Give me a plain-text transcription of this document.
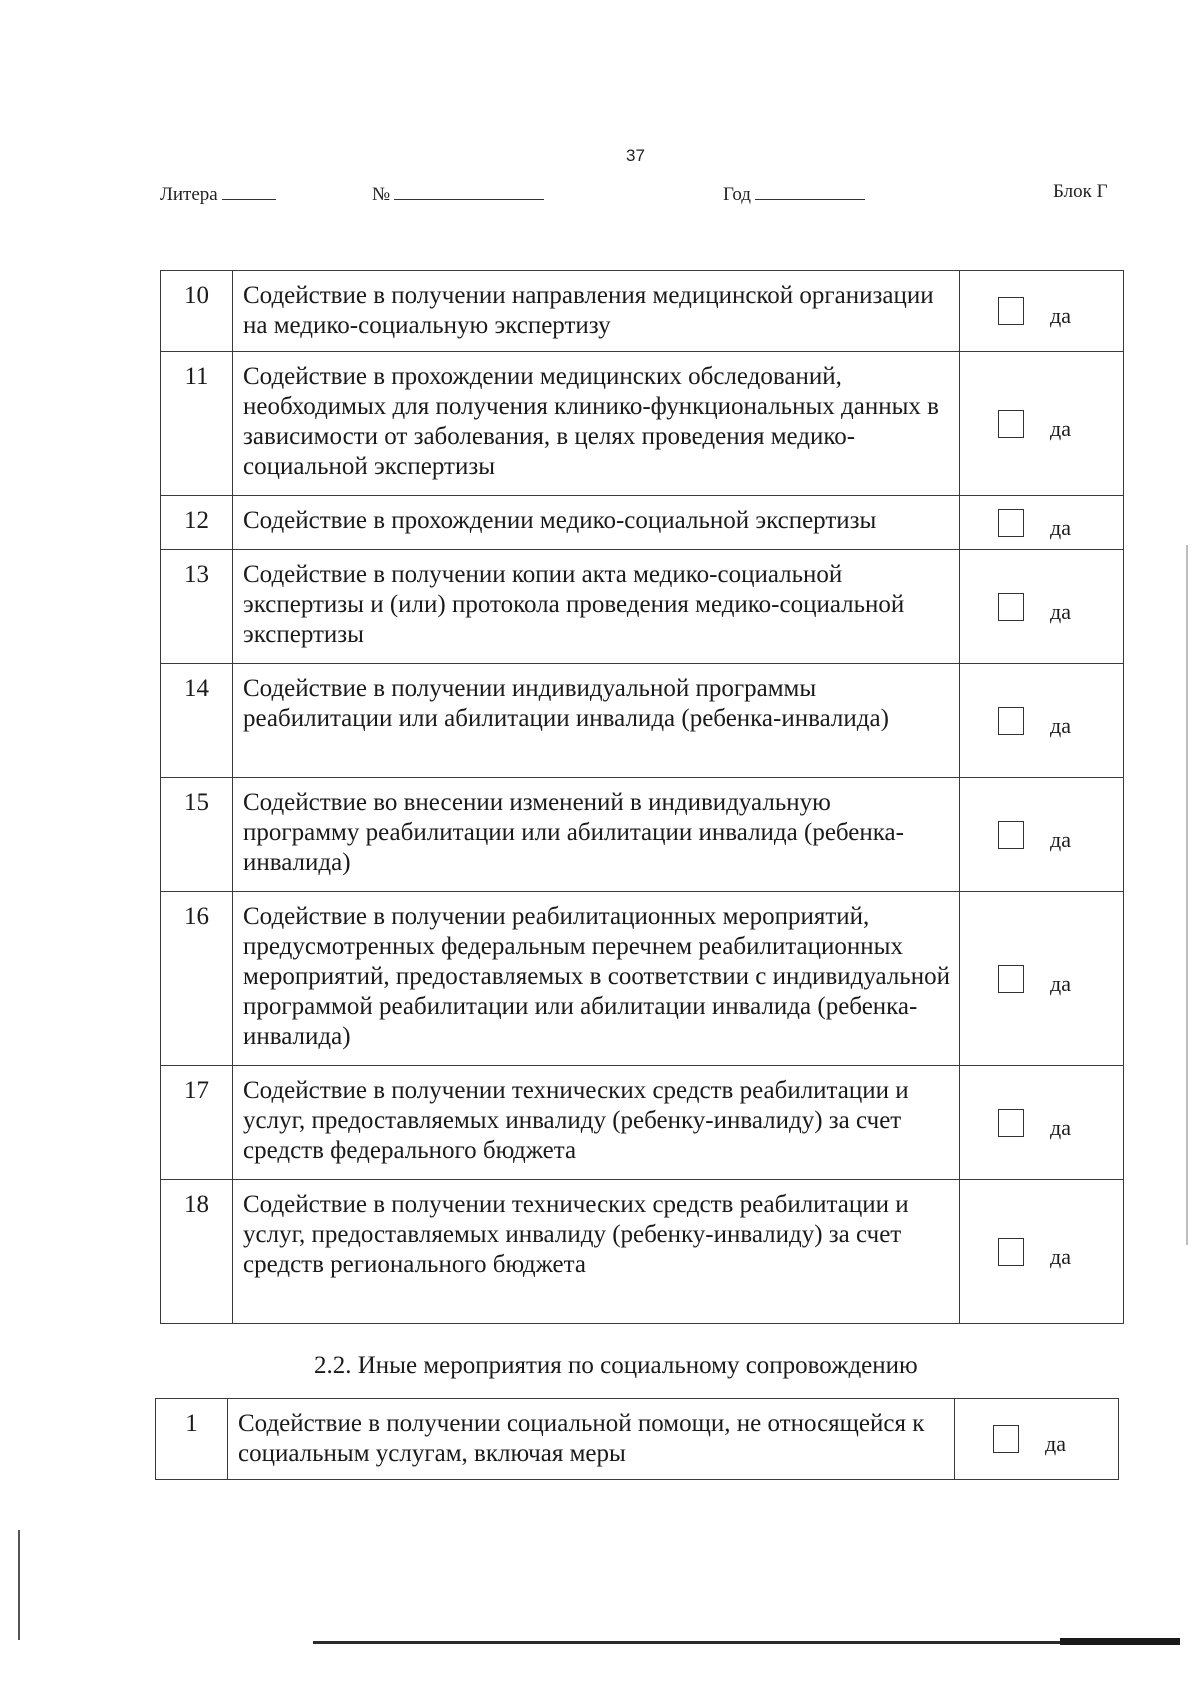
37
Литера	№	Год	Блок Г
10	Содействие в получении направления медицинской организации на медико-социальную экспертизу	да

11	Содействие в прохождении медицинских обследований, необходимых для получения клинико-функциональных данных в зависимости от заболевания, в целях проведения медико-социальной экспертизы	да

12	Содействие в прохождении медико-социальной экспертизы	да

13	Содействие в получении копии акта медико-социальной экспертизы и (или) протокола проведения медико-социальной экспертизы	да

14	Содействие в получении индивидуальной программы реабилитации или абилитации инвалида (ребенка-инвалида)	да

15	Содействие во внесении изменений в индивидуальную программу реабилитации или абилитации инвалида (ребенка-инвалида)	да

16	Содействие в получении реабилитационных мероприятий, предусмотренных федеральным перечнем реабилитационных мероприятий, предоставляемых в соответствии с индивидуальной программой реабилитации или абилитации инвалида (ребенка-инвалида)	да

17	Содействие в получении технических средств реабилитации и услуг, предоставляемых инвалиду (ребенку-инвалиду) за счет средств федерального бюджета	да

18	Содействие в получении технических средств реабилитации и услуг, предоставляемых инвалиду (ребенку-инвалиду) за счет средств регионального бюджета	да
2.2. Иные мероприятия по социальному сопровождению
1	Содействие в получении социальной помощи, не относящейся к социальным услугам, включая меры	да
